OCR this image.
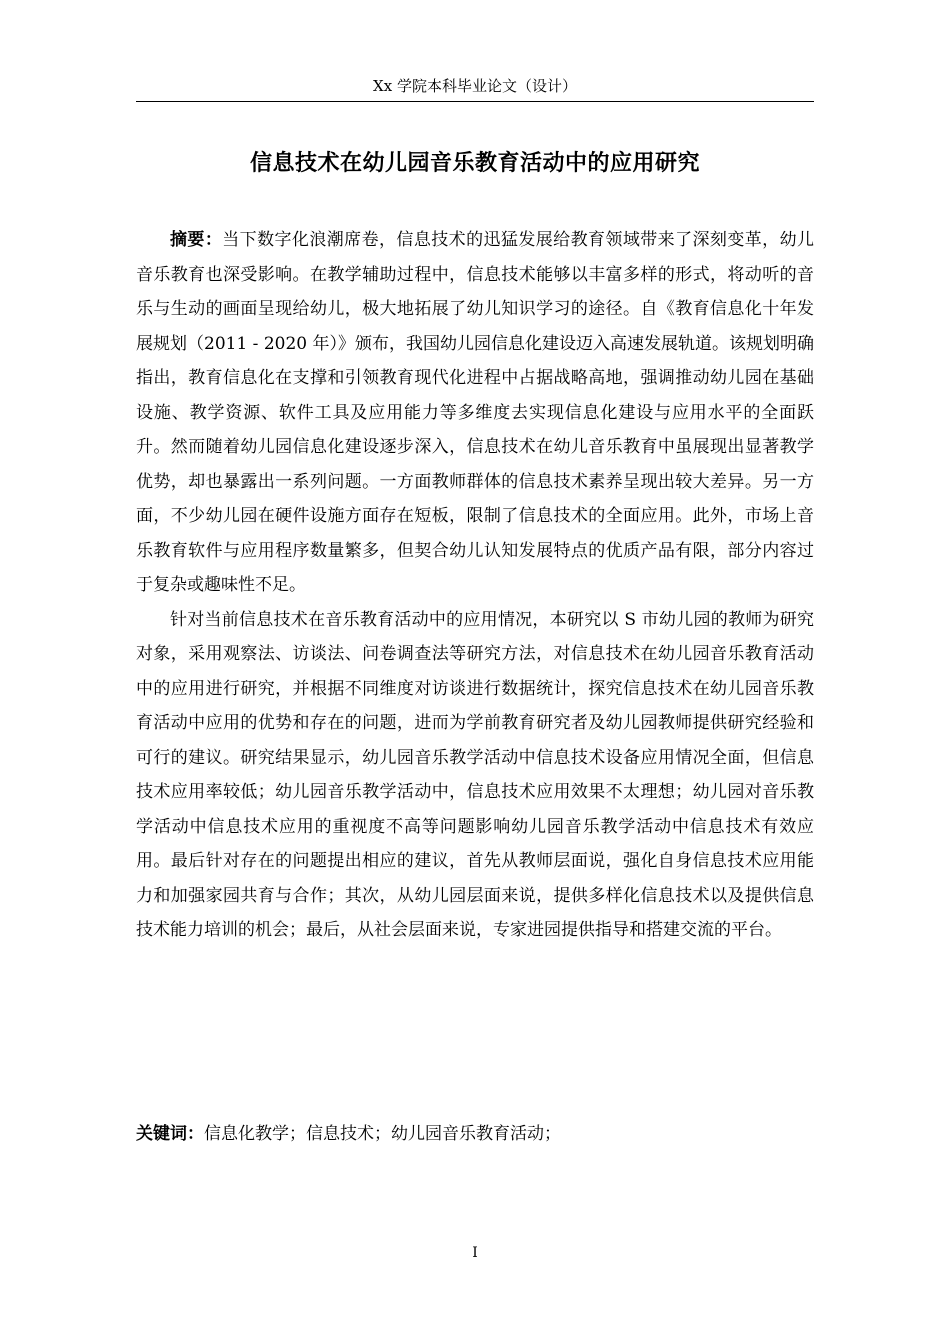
Xx 学院本科毕业论文（设计）
信息技术在幼儿园音乐教育活动中的应用研究

摘要：当下数字化浪潮席卷，信息技术的迅猛发展给教育领域带来了深刻变革，幼儿音乐教育也深受影响。在教学辅助过程中，信息技术能够以丰富多样的形式，将动听的音乐与生动的画面呈现给幼儿，极大地拓展了幼儿知识学习的途径。自《教育信息化十年发展规划（2011 - 2020 年）》颁布，我国幼儿园信息化建设迈入高速发展轨道。该规划明确指出，教育信息化在支撑和引领教育现代化进程中占据战略高地，强调推动幼儿园在基础设施、教学资源、软件工具及应用能力等多维度去实现信息化建设与应用水平的全面跃升。然而随着幼儿园信息化建设逐步深入，信息技术在幼儿音乐教育中虽展现出显著教学优势，却也暴露出一系列问题。一方面教师群体的信息技术素养呈现出较大差异。另一方面，不少幼儿园在硬件设施方面存在短板，限制了信息技术的全面应用。此外，市场上音乐教育软件与应用程序数量繁多，但契合幼儿认知发展特点的优质产品有限，部分内容过于复杂或趣味性不足。

针对当前信息技术在音乐教育活动中的应用情况，本研究以 S 市幼儿园的教师为研究对象，采用观察法、访谈法、问卷调查法等研究方法，对信息技术在幼儿园音乐教育活动中的应用进行研究，并根据不同维度对访谈进行数据统计，探究信息技术在幼儿园音乐教育活动中应用的优势和存在的问题，进而为学前教育研究者及幼儿园教师提供研究经验和可行的建议。研究结果显示，幼儿园音乐教学活动中信息技术设备应用情况全面，但信息技术应用率较低；幼儿园音乐教学活动中，信息技术应用效果不太理想；幼儿园对音乐教学活动中信息技术应用的重视度不高等问题影响幼儿园音乐教学活动中信息技术有效应用。最后针对存在的问题提出相应的建议，首先从教师层面说，强化自身信息技术应用能力和加强家园共育与合作；其次，从幼儿园层面来说，提供多样化信息技术以及提供信息技术能力培训的机会；最后，从社会层面来说，专家进园提供指导和搭建交流的平台。

关键词：信息化教学；信息技术；幼儿园音乐教育活动；
I
